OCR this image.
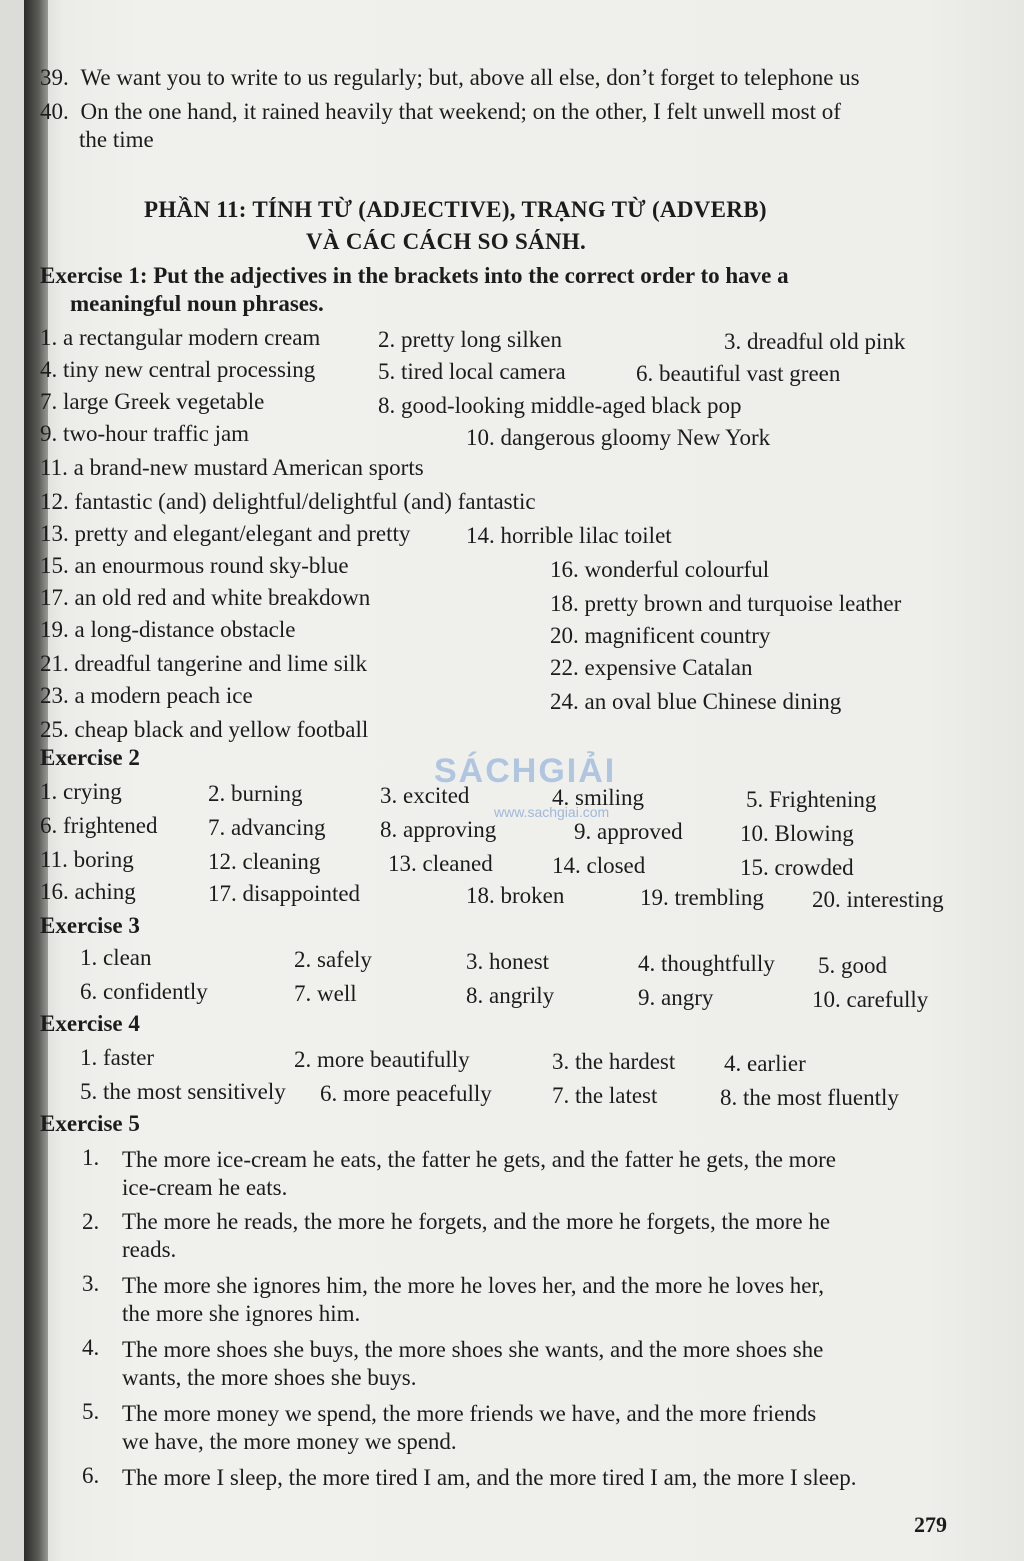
39. We want you to write to us regularly; but, above all else, don’t forget to telephone us
40. On the one hand, it rained heavily that weekend; on the other, I felt unwell most of
the time
PHẦN 11: TÍNH TỪ (ADJECTIVE), TRẠNG TỪ (ADVERB)
VÀ CÁC CÁCH SO SÁNH.
Exercise 1: Put the adjectives in the brackets into the correct order to have a
meaningful noun phrases.
1. a rectangular modern cream	2. pretty long silken	3. dreadful old pink
4. tiny new central processing	5. tired local camera	6. beautiful vast green
7. large Greek vegetable	8. good-looking middle-aged black pop
9. two-hour traffic jam	10. dangerous gloomy New York
11. a brand-new mustard American sports
12. fantastic (and) delightful/delightful (and) fantastic
13. pretty and elegant/elegant and pretty 14. horrible lilac toilet
15. an enourmous round sky-blue	16. wonderful colourful
17. an old red and white breakdown	18. pretty brown and turquoise leather
19. a long-distance obstacle	20. magnificent country
21. dreadful tangerine and lime silk	22. expensive Catalan
23. a modern peach ice	24. an oval blue Chinese dining
25. cheap black and yellow football
Exercise 2
1. crying	2. burning	3. excited	4. smiling	5. Frightening
6. frightened 7. advancing 8. approving	9. approved 10. Blowing
11. boring	12. cleaning	13. cleaned	14. closed	15. crowded
16. aching	17. disappointed	18. broken	19. trembling 20. interesting
Exercise 3
1. clean	2. safely	3. honest	4. thoughtfully 5. good
6. confidently	7. well	8. angrily	9. angry	10. carefully
Exercise 4
1. faster	2. more beautifully	3. the hardest 4. earlier
5. the most sensitively 6. more peacefully	7. the latest	8. the most fluently
Exercise 5
1. The more ice-cream he eats, the fatter he gets, and the fatter he gets, the more
ice-cream he eats.
2. The more he reads, the more he forgets, and the more he forgets, the more he
reads.
3. The more she ignores him, the more he loves her, and the more he loves her,
the more she ignores him.
4. The more shoes she buys, the more shoes she wants, and the more shoes she
wants, the more shoes she buys.
5. The more money we spend, the more friends we have, and the more friends
we have, the more money we spend.
6. The more I sleep, the more tired I am, and the more tired I am, the more I sleep.
SÁCHGIẢI
www.sachgiai.com
279
